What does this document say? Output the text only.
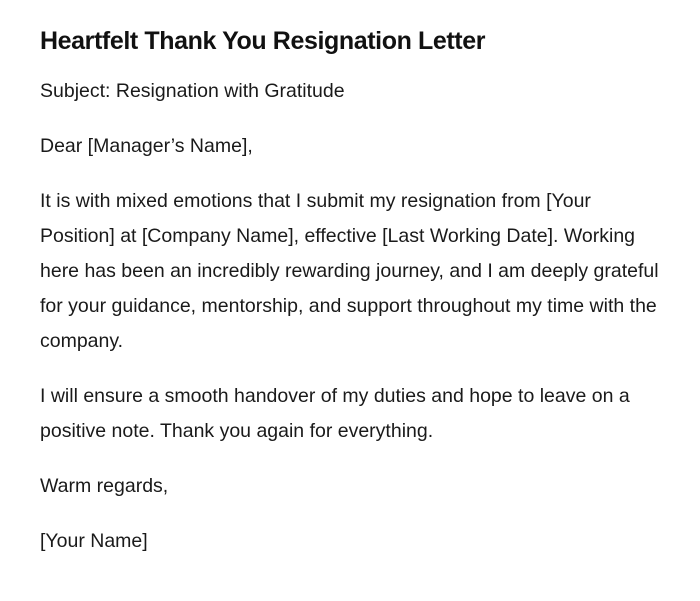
Heartfelt Thank You Resignation Letter

Subject: Resignation with Gratitude

Dear [Manager’s Name],

It is with mixed emotions that I submit my resignation from [Your Position] at [Company Name], effective [Last Working Date]. Working here has been an incredibly rewarding journey, and I am deeply grateful for your guidance, mentorship, and support throughout my time with the company.

I will ensure a smooth handover of my duties and hope to leave on a positive note. Thank you again for everything.

Warm regards,

[Your Name]
